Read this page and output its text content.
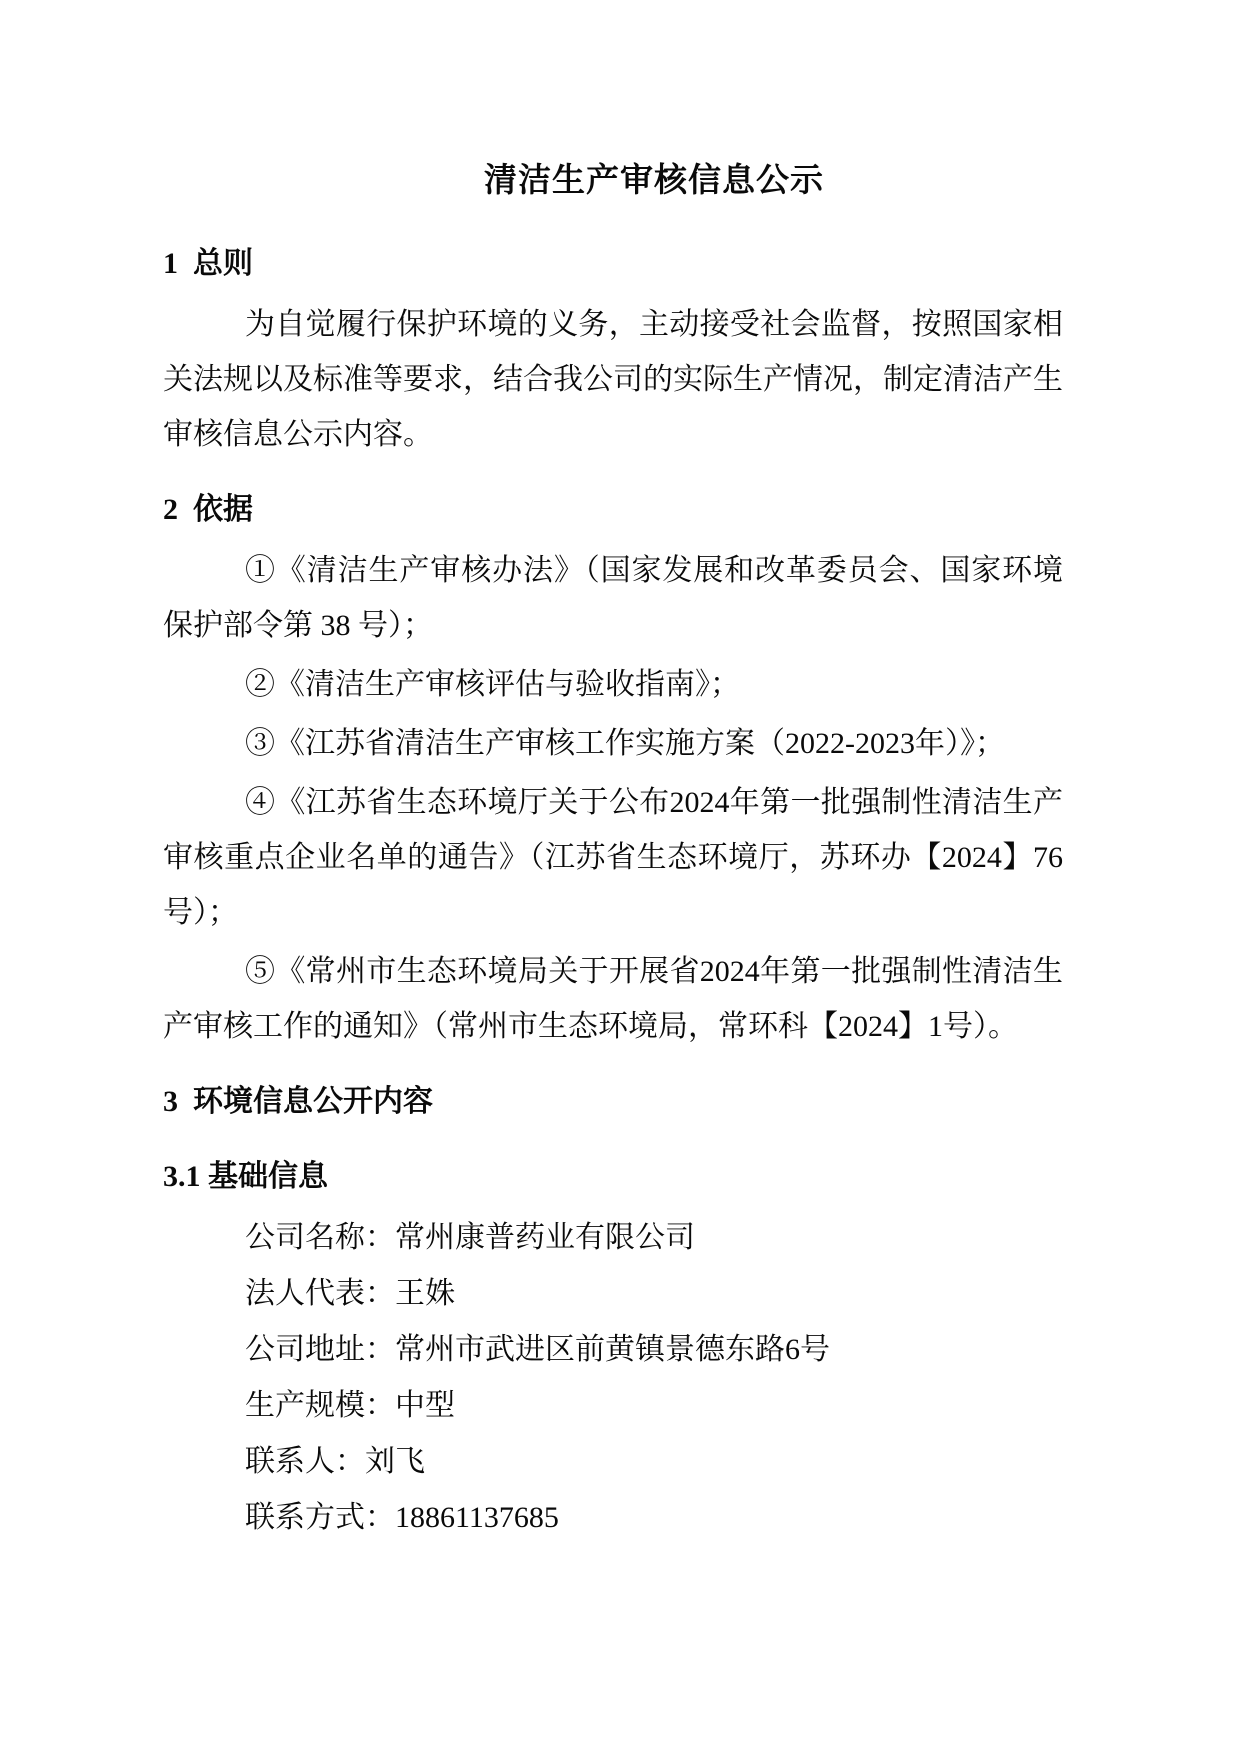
清洁生产审核信息公示
1  总则

为自觉履行保护环境的义务，主动接受社会监督，按照国家相关法规以及标准等要求，结合我公司的实际生产情况，制定清洁产生审核信息公示内容。

2  依据

①《清洁生产审核办法》（国家发展和改革委员会、国家环境保护部令第 38 号）；

②《清洁生产审核评估与验收指南》；

③《江苏省清洁生产审核工作实施方案（2022-2023年）》；

④《江苏省生态环境厅关于公布2024年第一批强制性清洁生产审核重点企业名单的通告》（江苏省生态环境厅，苏环办【2024】76 号）；

⑤《常州市生态环境局关于开展省2024年第一批强制性清洁生产审核工作的通知》（常州市生态环境局，常环科【2024】1号）。

3  环境信息公开内容
3.1 基础信息

公司名称：常州康普药业有限公司

法人代表：王姝

公司地址：常州市武进区前黄镇景德东路6号

生产规模：中型

联系人：刘飞

联系方式：18861137685
